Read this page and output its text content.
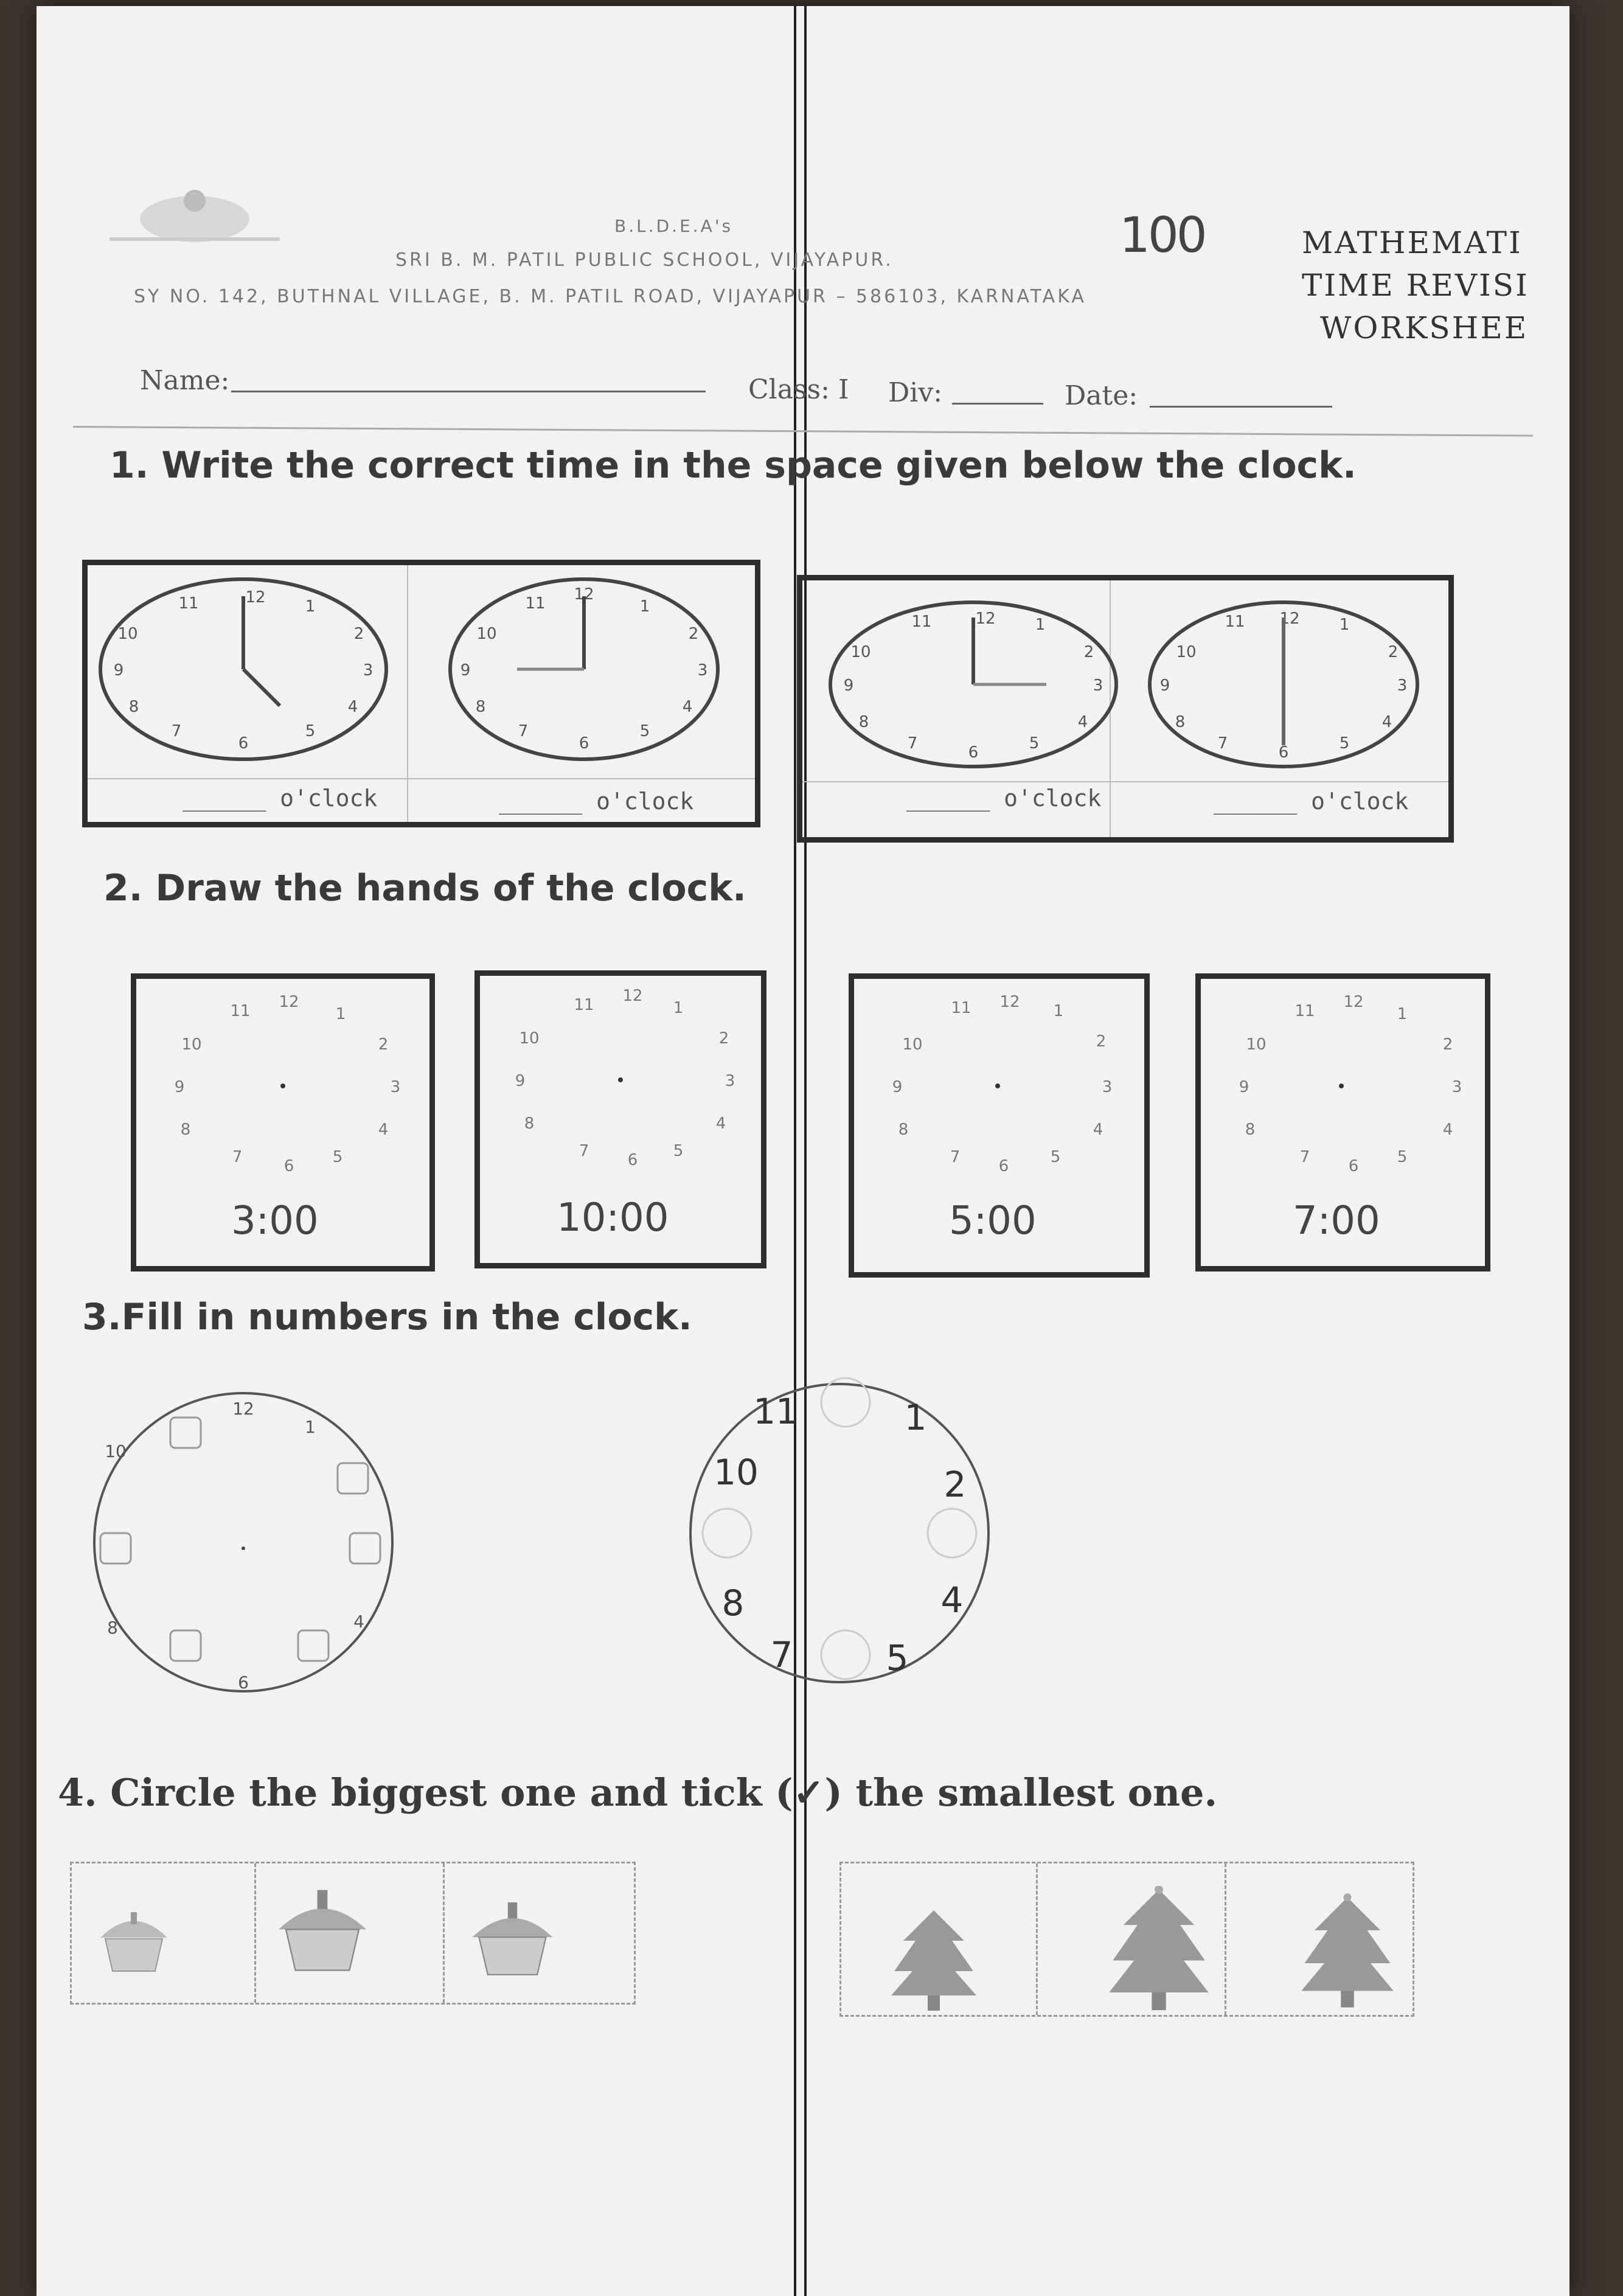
B.L.D.E.A's
SRI B. M. PATIL PUBLIC SCHOOL, VIJAYAPUR.
SY NO. 142, BUTHNAL VILLAGE, B. M. PATIL ROAD, VIJAYAPUR – 586103, KARNATAKA
100	MATHEMATI
TIME REVISI
WORKSHEE
Name:	Class: I Div:	Date:
1. Write the correct time in the space given below the clock.
12	1
2
3
4
5
6
7
8
9
10
11	12
1
2
3
4
5
6
7
8
9
10
11
12	1
2
3
4
5
6
7
8
9
10
11	12	1
2
3
4
5
6
7
8
9
10
11
______ o'clock	______ o'clock	______ o'clock	______ o'clock
2. Draw the hands of the clock.
12
1
2
3
4
5
6
7
8
9
10
11
12
1
2
3
4
5
6
7
8
9
10
11	12 1
2
3
4
5
6
7
8
9
10
11	12
1
2
3
4
5
6
7
8
9
10
11
3:00	10:00	5:00	7:00
3.Fill in numbers in the clock.
12
1
10
8	4
6
11	1
10	2
8	4
7	5
4. Circle the biggest one and tick (✓) the smallest one.
